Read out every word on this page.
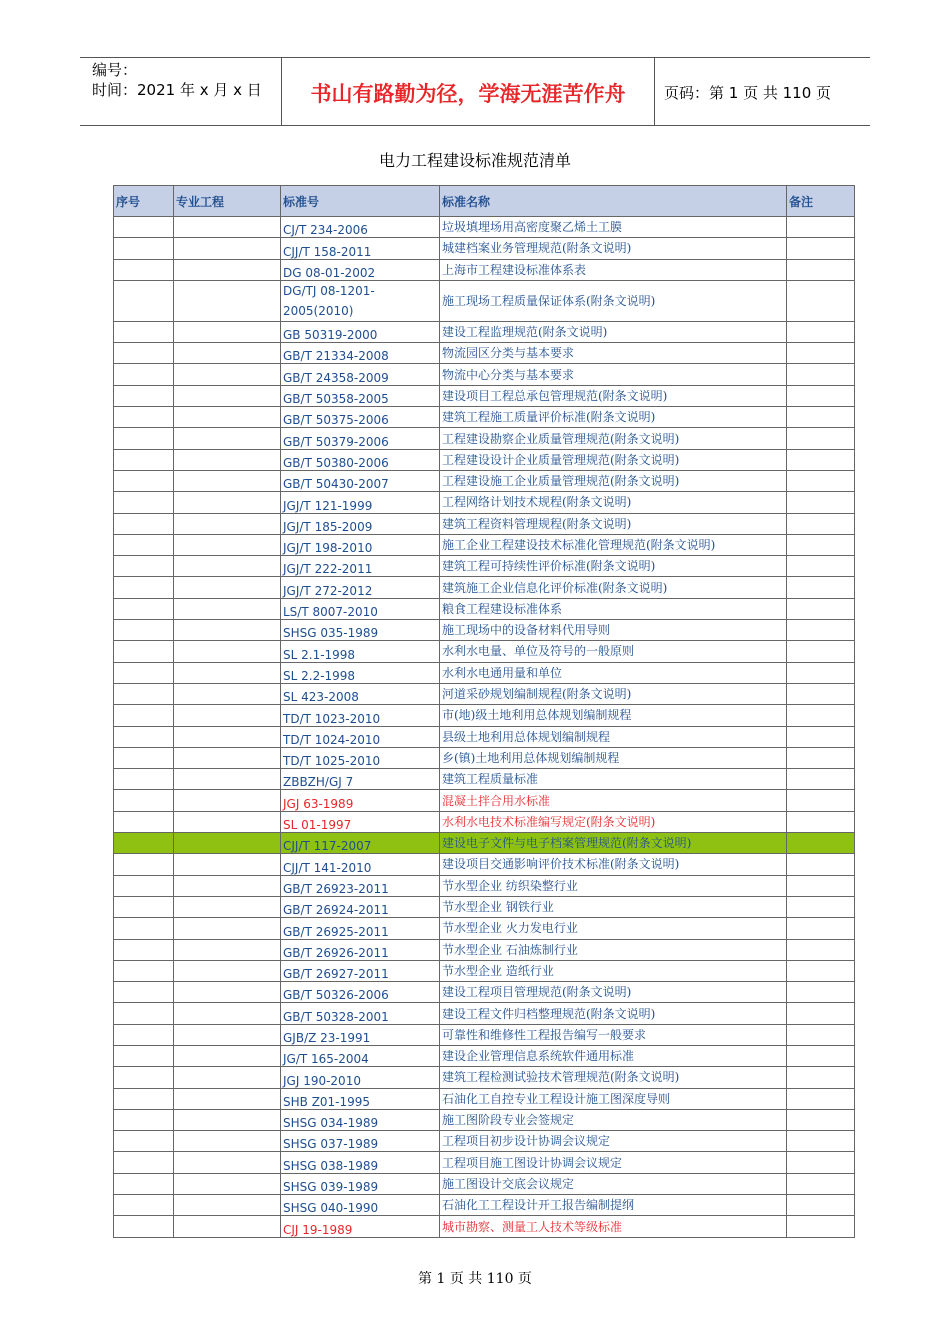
编号：
时间：2021 年 x 月 x 日	书山有路勤为径，学海无涯苦作舟	页码：第 1 页 共 110 页
电力工程建设标准规范清单
序号	专业工程	标准号	标准名称	备注
		CJ/T 234-2006	垃圾填埋场用高密度聚乙烯土工膜	
		CJJ/T 158-2011	城建档案业务管理规范(附条文说明)	
		DG 08-01-2002	上海市工程建设标准体系表	
		DG/TJ 08-1201-2005(2010)	施工现场工程质量保证体系(附条文说明)	
		GB 50319-2000	建设工程监理规范(附条文说明)	
		GB/T 21334-2008	物流园区分类与基本要求	
		GB/T 24358-2009	物流中心分类与基本要求	
		GB/T 50358-2005	建设项目工程总承包管理规范(附条文说明)	
		GB/T 50375-2006	建筑工程施工质量评价标准(附条文说明)	
		GB/T 50379-2006	工程建设勘察企业质量管理规范(附条文说明)	
		GB/T 50380-2006	工程建设设计企业质量管理规范(附条文说明)	
		GB/T 50430-2007	工程建设施工企业质量管理规范(附条文说明)	
		JGJ/T 121-1999	工程网络计划技术规程(附条文说明)	
		JGJ/T 185-2009	建筑工程资料管理规程(附条文说明)	
		JGJ/T 198-2010	施工企业工程建设技术标准化管理规范(附条文说明)	
		JGJ/T 222-2011	建筑工程可持续性评价标准(附条文说明)	
		JGJ/T 272-2012	建筑施工企业信息化评价标准(附条文说明)	
		LS/T 8007-2010	粮食工程建设标准体系	
		SHSG 035-1989	施工现场中的设备材料代用导则	
		SL 2.1-1998	水利水电量、单位及符号的一般原则	
		SL 2.2-1998	水利水电通用量和单位	
		SL 423-2008	河道采砂规划编制规程(附条文说明)	
		TD/T 1023-2010	市(地)级土地利用总体规划编制规程	
		TD/T 1024-2010	县级土地利用总体规划编制规程	
		TD/T 1025-2010	乡(镇)土地利用总体规划编制规程	
		ZBBZH/GJ 7	建筑工程质量标准	
		JGJ 63-1989	混凝土拌合用水标准	
		SL 01-1997	水利水电技术标准编写规定(附条文说明)	
		CJJ/T 117-2007	建设电子文件与电子档案管理规范(附条文说明)	
		CJJ/T 141-2010	建设项目交通影响评价技术标准(附条文说明)	
		GB/T 26923-2011	节水型企业 纺织染整行业	
		GB/T 26924-2011	节水型企业 钢铁行业	
		GB/T 26925-2011	节水型企业 火力发电行业	
		GB/T 26926-2011	节水型企业 石油炼制行业	
		GB/T 26927-2011	节水型企业 造纸行业	
		GB/T 50326-2006	建设工程项目管理规范(附条文说明)	
		GB/T 50328-2001	建设工程文件归档整理规范(附条文说明)	
		GJB/Z 23-1991	可靠性和维修性工程报告编写一般要求	
		JG/T 165-2004	建设企业管理信息系统软件通用标准	
		JGJ 190-2010	建筑工程检测试验技术管理规范(附条文说明)	
		SHB Z01-1995	石油化工自控专业工程设计施工图深度导则	
		SHSG 034-1989	施工图阶段专业会签规定	
		SHSG 037-1989	工程项目初步设计协调会议规定	
		SHSG 038-1989	工程项目施工图设计协调会议规定	
		SHSG 039-1989	施工图设计交底会议规定	
		SHSG 040-1990	石油化工工程设计开工报告编制提纲	
		CJJ 19-1989	城市勘察、测量工人技术等级标准	
第 1 页 共 110 页
